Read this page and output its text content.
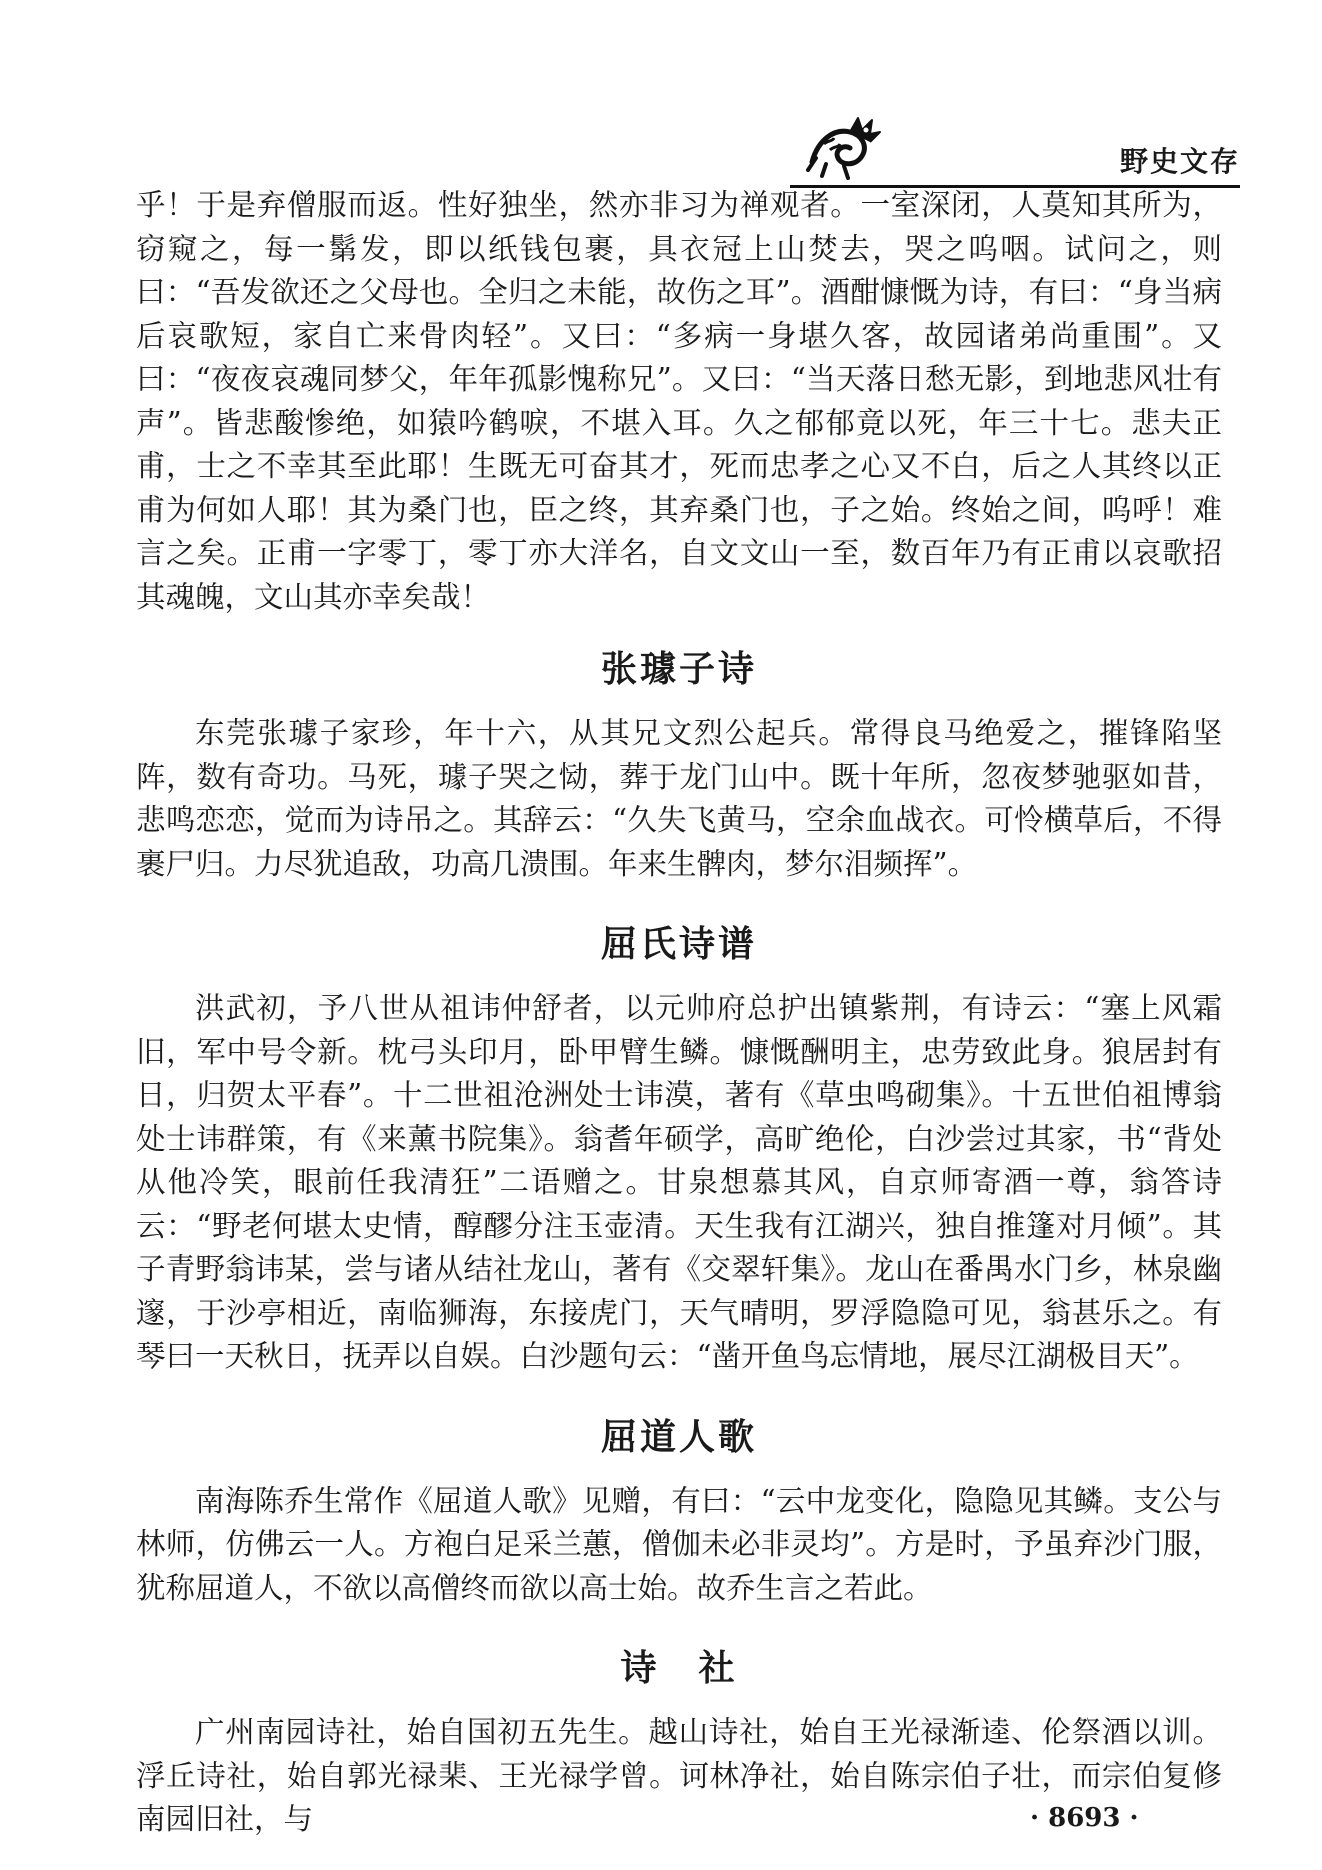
野史文存

乎！于是弃僧服而返。性好独坐，然亦非习为禅观者。一室深闭，人莫知其所为，窃窥之，每一鬀发，即以纸钱包裹，具衣冠上山焚去，哭之呜咽。试问之，则曰：“吾发欲还之父母也。全归之未能，故伤之耳”。酒酣慷慨为诗，有曰：“身当病后哀歌短，家自亡来骨肉轻”。又曰：“多病一身堪久客，故园诸弟尚重围”。又曰：“夜夜哀魂同梦父，年年孤影愧称兄”。又曰：“当天落日愁无影，到地悲风壮有声”。皆悲酸惨绝，如猿吟鹤唳，不堪入耳。久之郁郁竟以死，年三十七。悲夫正甫，士之不幸其至此耶！生既无可奋其才，死而忠孝之心又不白，后之人其终以正甫为何如人耶！其为桑门也，臣之终，其弃桑门也，子之始。终始之间，呜呼！难言之矣。正甫一字零丁，零丁亦大洋名，自文文山一至，数百年乃有正甫以哀歌招其魂魄，文山其亦幸矣哉！

张璩子诗

东莞张璩子家珍，年十六，从其兄文烈公起兵。常得良马绝爱之，摧锋陷坚阵，数有奇功。马死，璩子哭之恸，葬于龙门山中。既十年所，忽夜梦驰驱如昔，悲鸣恋恋，觉而为诗吊之。其辞云：“久失飞黄马，空余血战衣。可怜横草后，不得裹尸归。力尽犹追敌，功高几溃围。年来生髀肉，梦尔泪频挥”。

屈氏诗谱

洪武初，予八世从祖讳仲舒者，以元帅府总护出镇紫荆，有诗云：“塞上风霜旧，军中号令新。枕弓头印月，卧甲臂生鳞。慷慨酬明主，忠劳致此身。狼居封有日，归贺太平春”。十二世祖沧洲处士讳漠，著有《草虫鸣砌集》。十五世伯祖博翁处士讳群策，有《来薰书院集》。翁耆年硕学，高旷绝伦，白沙尝过其家，书“背处从他冷笑，眼前任我清狂”二语赠之。甘泉想慕其风，自京师寄酒一尊，翁答诗云：“野老何堪太史情，醇醪分注玉壶清。天生我有江湖兴，独自推篷对月倾”。其子青野翁讳某，尝与诸从结社龙山，著有《交翠轩集》。龙山在番禺水门乡，林泉幽邃，于沙亭相近，南临狮海，东接虎门，天气晴明，罗浮隐隐可见，翁甚乐之。有琴曰一天秋日，抚弄以自娱。白沙题句云：“凿开鱼鸟忘情地，展尽江湖极目天”。

屈道人歌

南海陈乔生常作《屈道人歌》见赠，有曰：“云中龙变化，隐隐见其鳞。支公与林师，仿佛云一人。方袍白足采兰蕙，僧伽未必非灵均”。方是时，予虽弃沙门服，犹称屈道人，不欲以高僧终而欲以高士始。故乔生言之若此。

诗　社

广州南园诗社，始自国初五先生。越山诗社，始自王光禄渐逵、伦祭酒以训。浮丘诗社，始自郭光禄棐、王光禄学曾。诃林净社，始自陈宗伯子壮，而宗伯复修南园旧社，与	· 8693 ·
